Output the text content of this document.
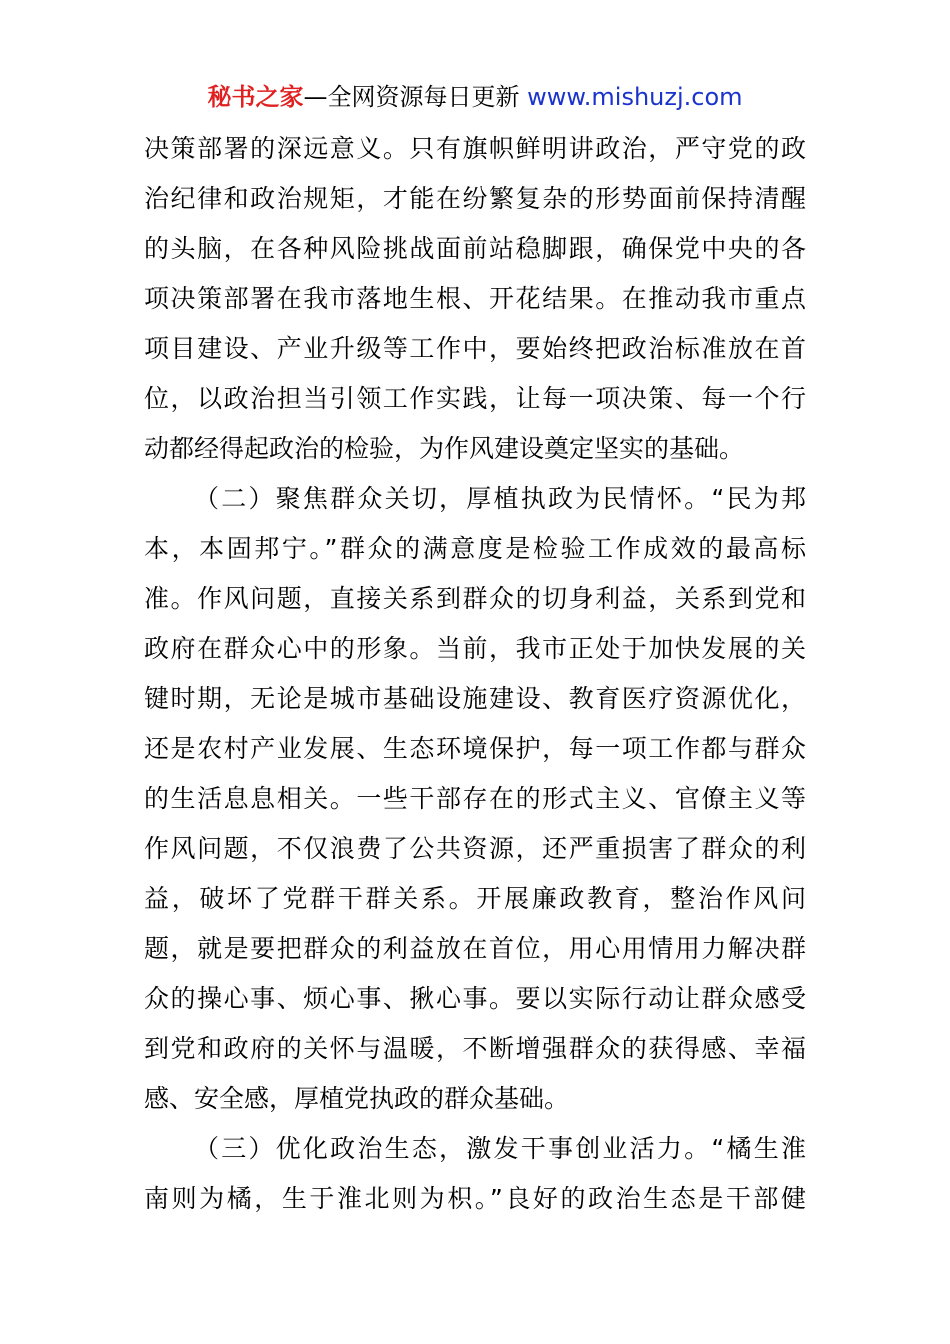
秘书之家—全网资源每日更新 www.mishuzj.com
决策部署的深远意义。只有旗帜鲜明讲政治，严守党的政
治纪律和政治规矩，才能在纷繁复杂的形势面前保持清醒
的头脑，在各种风险挑战面前站稳脚跟，确保党中央的各
项决策部署在我市落地生根、开花结果。在推动我市重点
项目建设、产业升级等工作中，要始终把政治标准放在首
位，以政治担当引领工作实践，让每一项决策、每一个行
动都经得起政治的检验，为作风建设奠定坚实的基础。
（二）聚焦群众关切，厚植执政为民情怀。“民为邦
本，本固邦宁。”群众的满意度是检验工作成效的最高标
准。作风问题，直接关系到群众的切身利益，关系到党和
政府在群众心中的形象。当前，我市正处于加快发展的关
键时期，无论是城市基础设施建设、教育医疗资源优化，
还是农村产业发展、生态环境保护，每一项工作都与群众
的生活息息相关。一些干部存在的形式主义、官僚主义等
作风问题，不仅浪费了公共资源，还严重损害了群众的利
益，破坏了党群干群关系。开展廉政教育，整治作风问
题，就是要把群众的利益放在首位，用心用情用力解决群
众的操心事、烦心事、揪心事。要以实际行动让群众感受
到党和政府的关怀与温暖，不断增强群众的获得感、幸福
感、安全感，厚植党执政的群众基础。
（三）优化政治生态，激发干事创业活力。“橘生淮
南则为橘，生于淮北则为枳。”良好的政治生态是干部健
